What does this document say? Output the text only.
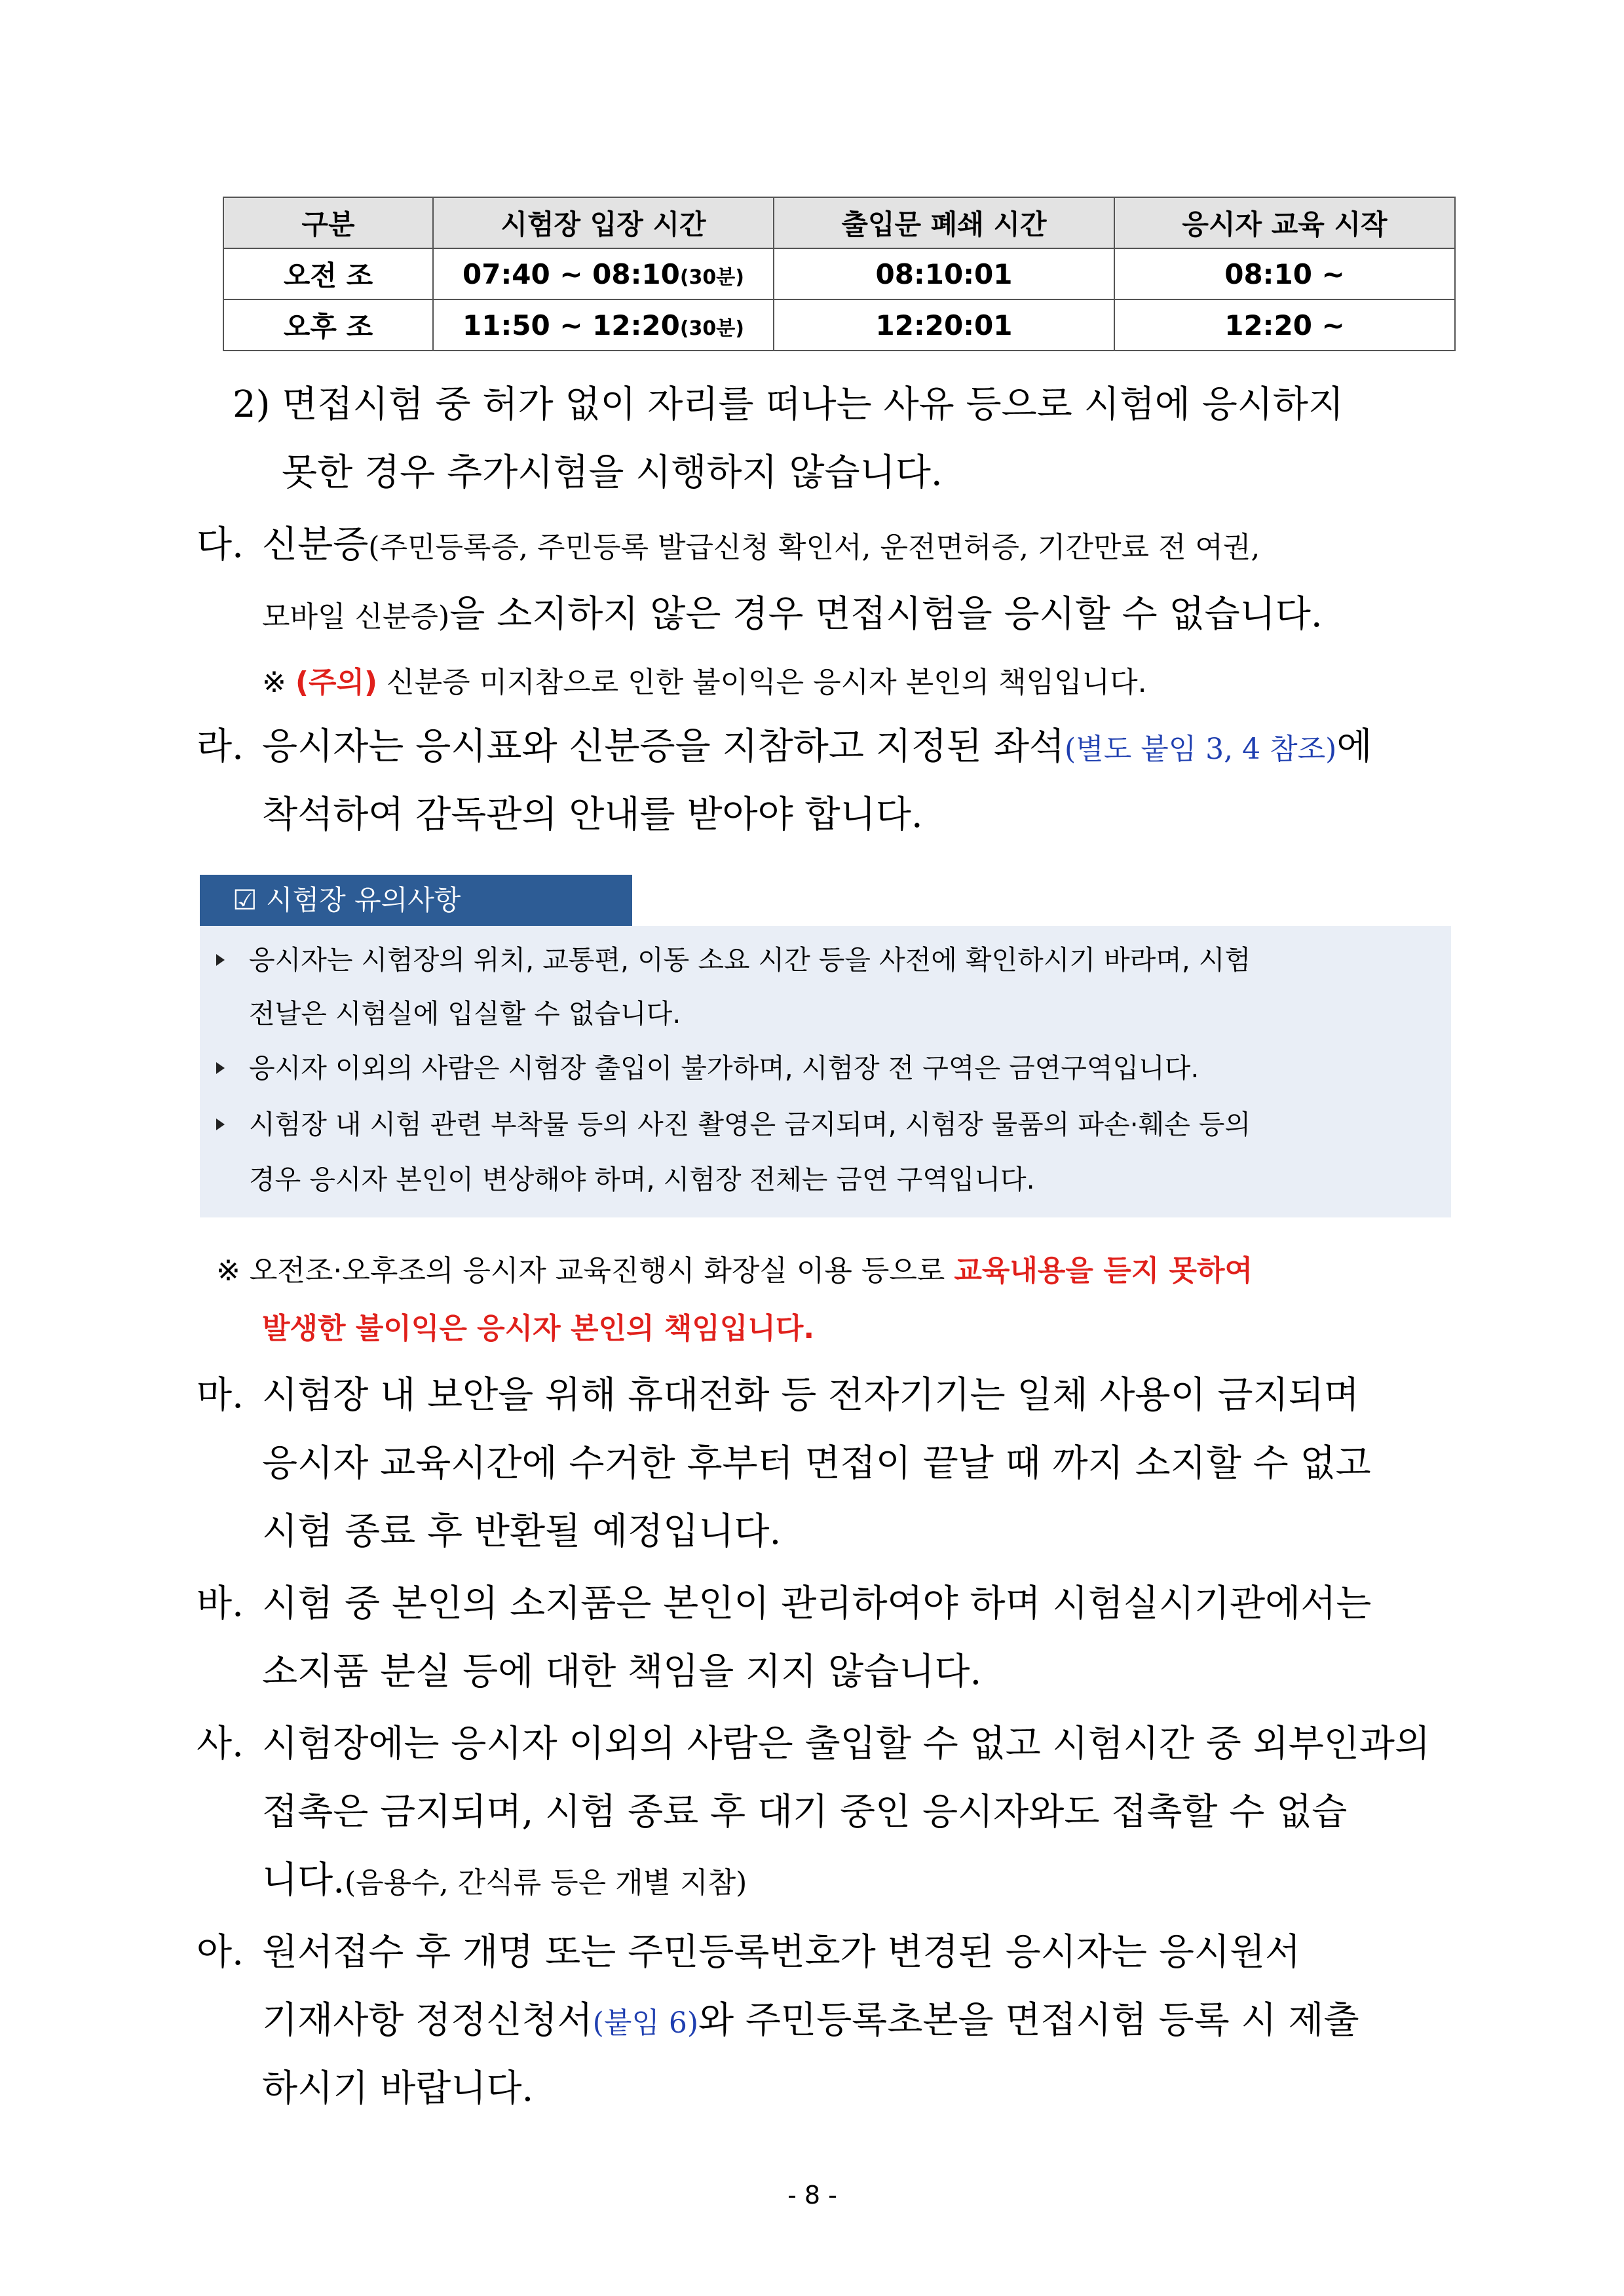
구분	시험장 입장 시간	출입문 폐쇄 시간	응시자 교육 시작
오전 조	07:40 ~ 08:10(30분)	08:10:01	08:10 ~
오후 조	11:50 ~ 12:20(30분)	12:20:01	12:20 ~
2) 면접시험 중 허가 없이 자리를 떠나는 사유 등으로 시험에 응시하지
못한 경우 추가시험을 시행하지 않습니다.
다. 신분증(주민등록증, 주민등록 발급신청 확인서, 운전면허증, 기간만료 전 여권,
모바일 신분증)을 소지하지 않은 경우 면접시험을 응시할 수 없습니다.
※ (주의) 신분증 미지참으로 인한 불이익은 응시자 본인의 책임입니다.
라. 응시자는 응시표와 신분증을 지참하고 지정된 좌석(별도 붙임 3, 4 참조)에
착석하여 감독관의 안내를 받아야 합니다.
☑ 시험장 유의사항
응시자는 시험장의 위치, 교통편, 이동 소요 시간 등을 사전에 확인하시기 바라며, 시험
전날은 시험실에 입실할 수 없습니다.
응시자 이외의 사람은 시험장 출입이 불가하며, 시험장 전 구역은 금연구역입니다.
시험장 내 시험 관련 부착물 등의 사진 촬영은 금지되며, 시험장 물품의 파손·훼손 등의
경우 응시자 본인이 변상해야 하며, 시험장 전체는 금연 구역입니다.
※ 오전조·오후조의 응시자 교육진행시 화장실 이용 등으로 교육내용을 듣지 못하여
발생한 불이익은 응시자 본인의 책임입니다.
마. 시험장 내 보안을 위해 휴대전화 등 전자기기는 일체 사용이 금지되며
응시자 교육시간에 수거한 후부터 면접이 끝날 때 까지 소지할 수 없고
시험 종료 후 반환될 예정입니다.
바. 시험 중 본인의 소지품은 본인이 관리하여야 하며 시험실시기관에서는
소지품 분실 등에 대한 책임을 지지 않습니다.
사. 시험장에는 응시자 이외의 사람은 출입할 수 없고 시험시간 중 외부인과의
접촉은 금지되며, 시험 종료 후 대기 중인 응시자와도 접촉할 수 없습
니다.(음용수, 간식류 등은 개별 지참)
아. 원서접수 후 개명 또는 주민등록번호가 변경된 응시자는 응시원서
기재사항 정정신청서(붙임 6)와 주민등록초본을 면접시험 등록 시 제출
하시기 바랍니다.
- 8 -
